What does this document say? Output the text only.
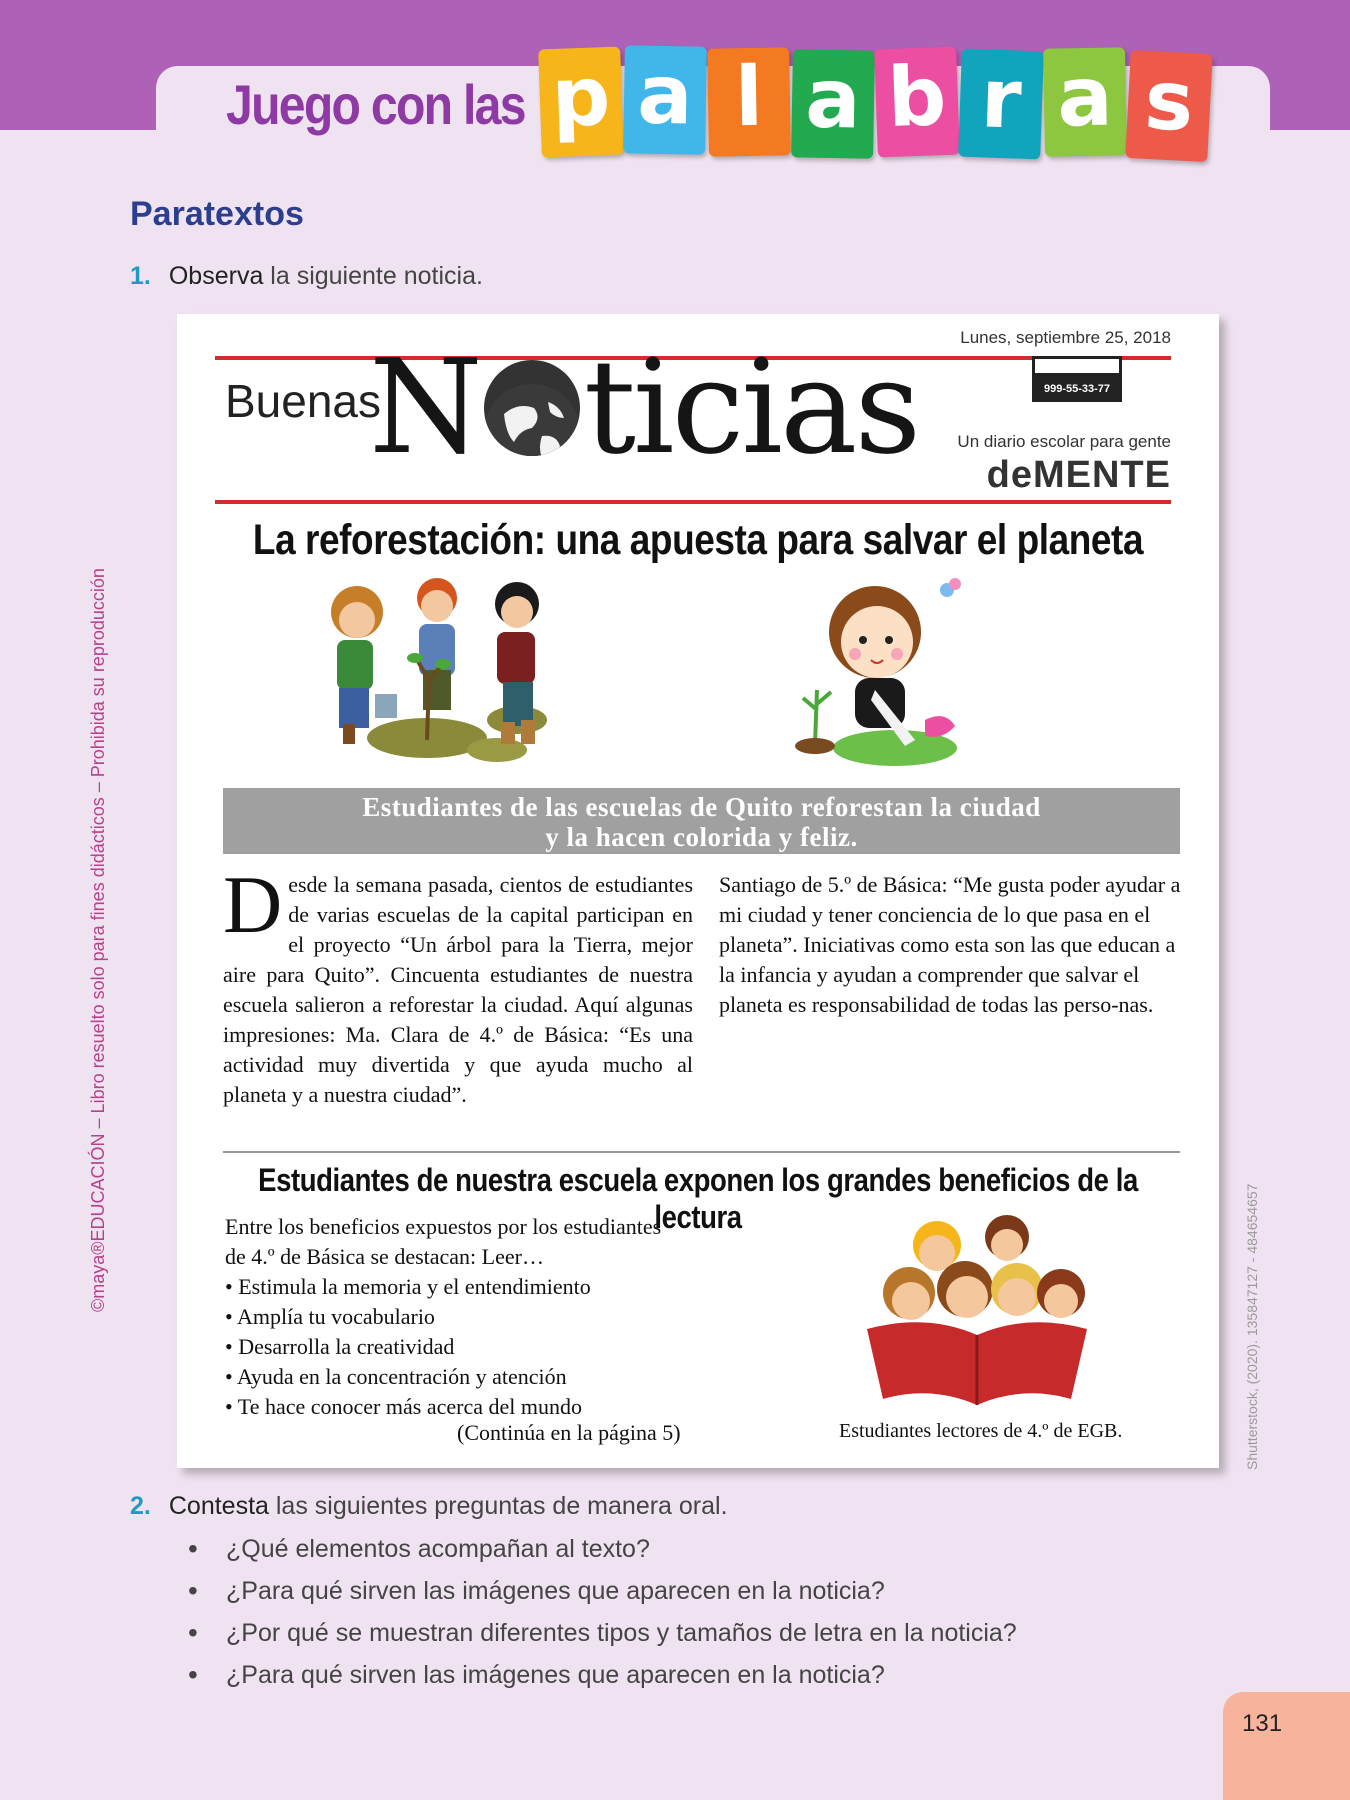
Juego con las p a l a b r a s
Paratextos
1. Observa la siguiente noticia.
©maya®EDUCACIÓN – Libro resuelto solo para fines didácticos – Prohibida su reproducción
Shutterstock, (2020). 135847127 - 484654657
Lunes, septiembre 25, 2018
Buenas
N ticias	999-55-33-77
Un diario escolar para gente
deMENTE
La reforestación: una apuesta para salvar el planeta
Estudiantes de las escuelas de Quito reforestan la ciudad
y la hacen colorida y feliz.
Desde la semana pasada, cientos de estudiantes de varias escuelas de la capital participan en el proyecto “Un árbol para la Tierra, mejor aire para Quito”. Cincuenta estudiantes de nuestra escuela salieron a reforestar la ciudad. Aquí algunas impresiones: Ma. Clara de 4.º de Básica: “Es una actividad muy divertida y que ayuda mucho al planeta y a nuestra ciudad”.
Santiago de 5.º de Básica: “Me gusta poder ayudar a mi ciudad y tener conciencia de lo que pasa en el planeta”. Iniciativas como esta son las que educan a la infancia y ayudan a comprender que salvar el planeta es responsabilidad de todas las perso-nas.
Estudiantes de nuestra escuela exponen los grandes beneficios de la lectura
Entre los beneficios expuestos por los estudiantes
de 4.º de Básica se destacan: Leer…
• Estimula la memoria y el entendimiento
• Amplía tu vocabulario
• Desarrolla la creatividad
• Ayuda en la concentración y atención
• Te hace conocer más acerca del mundo
(Continúa en la página 5)	Estudiantes lectores de 4.º de EGB.
2. Contesta las siguientes preguntas de manera oral.
• ¿Qué elementos acompañan al texto?
• ¿Para qué sirven las imágenes que aparecen en la noticia?
• ¿Por qué se muestran diferentes tipos y tamaños de letra en la noticia?
• ¿Para qué sirven las imágenes que aparecen en la noticia?
131
